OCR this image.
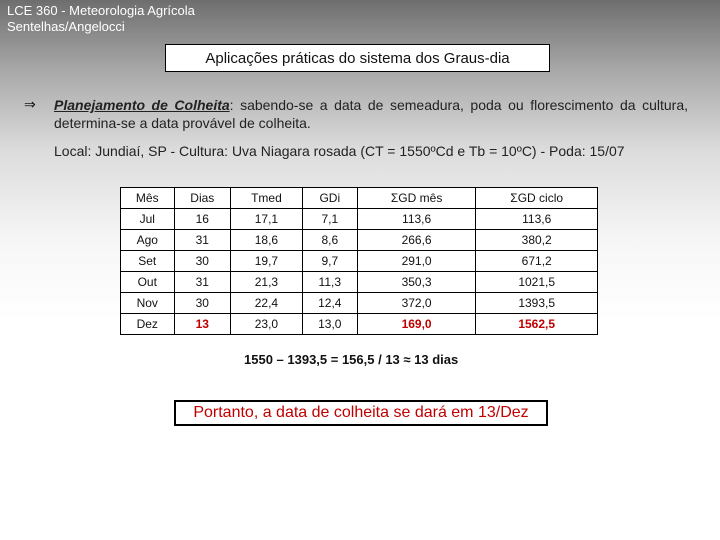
LCE 360 - Meteorologia Agrícola
Sentelhas/Angelocci
Aplicações práticas do sistema dos Graus-dia
⇒ Planejamento de Colheita: sabendo-se a data de semeadura, poda ou florescimento da cultura, determina-se a data provável de colheita.
Local: Jundiaí, SP - Cultura: Uva Niagara rosada (CT = 1550ºCd e Tb = 10ºC) - Poda: 15/07
Mês	Dias	Tmed	GDi	ΣGD mês	ΣGD ciclo
Jul	16	17,1	7,1	113,6	113,6
Ago	31	18,6	8,6	266,6	380,2
Set	30	19,7	9,7	291,0	671,2
Out	31	21,3	11,3	350,3	1021,5
Nov	30	22,4	12,4	372,0	1393,5
Dez	13	23,0	13,0	169,0	1562,5
1550 – 1393,5 = 156,5 / 13 ≈ 13 dias
Portanto, a data de colheita se dará em 13/Dez
